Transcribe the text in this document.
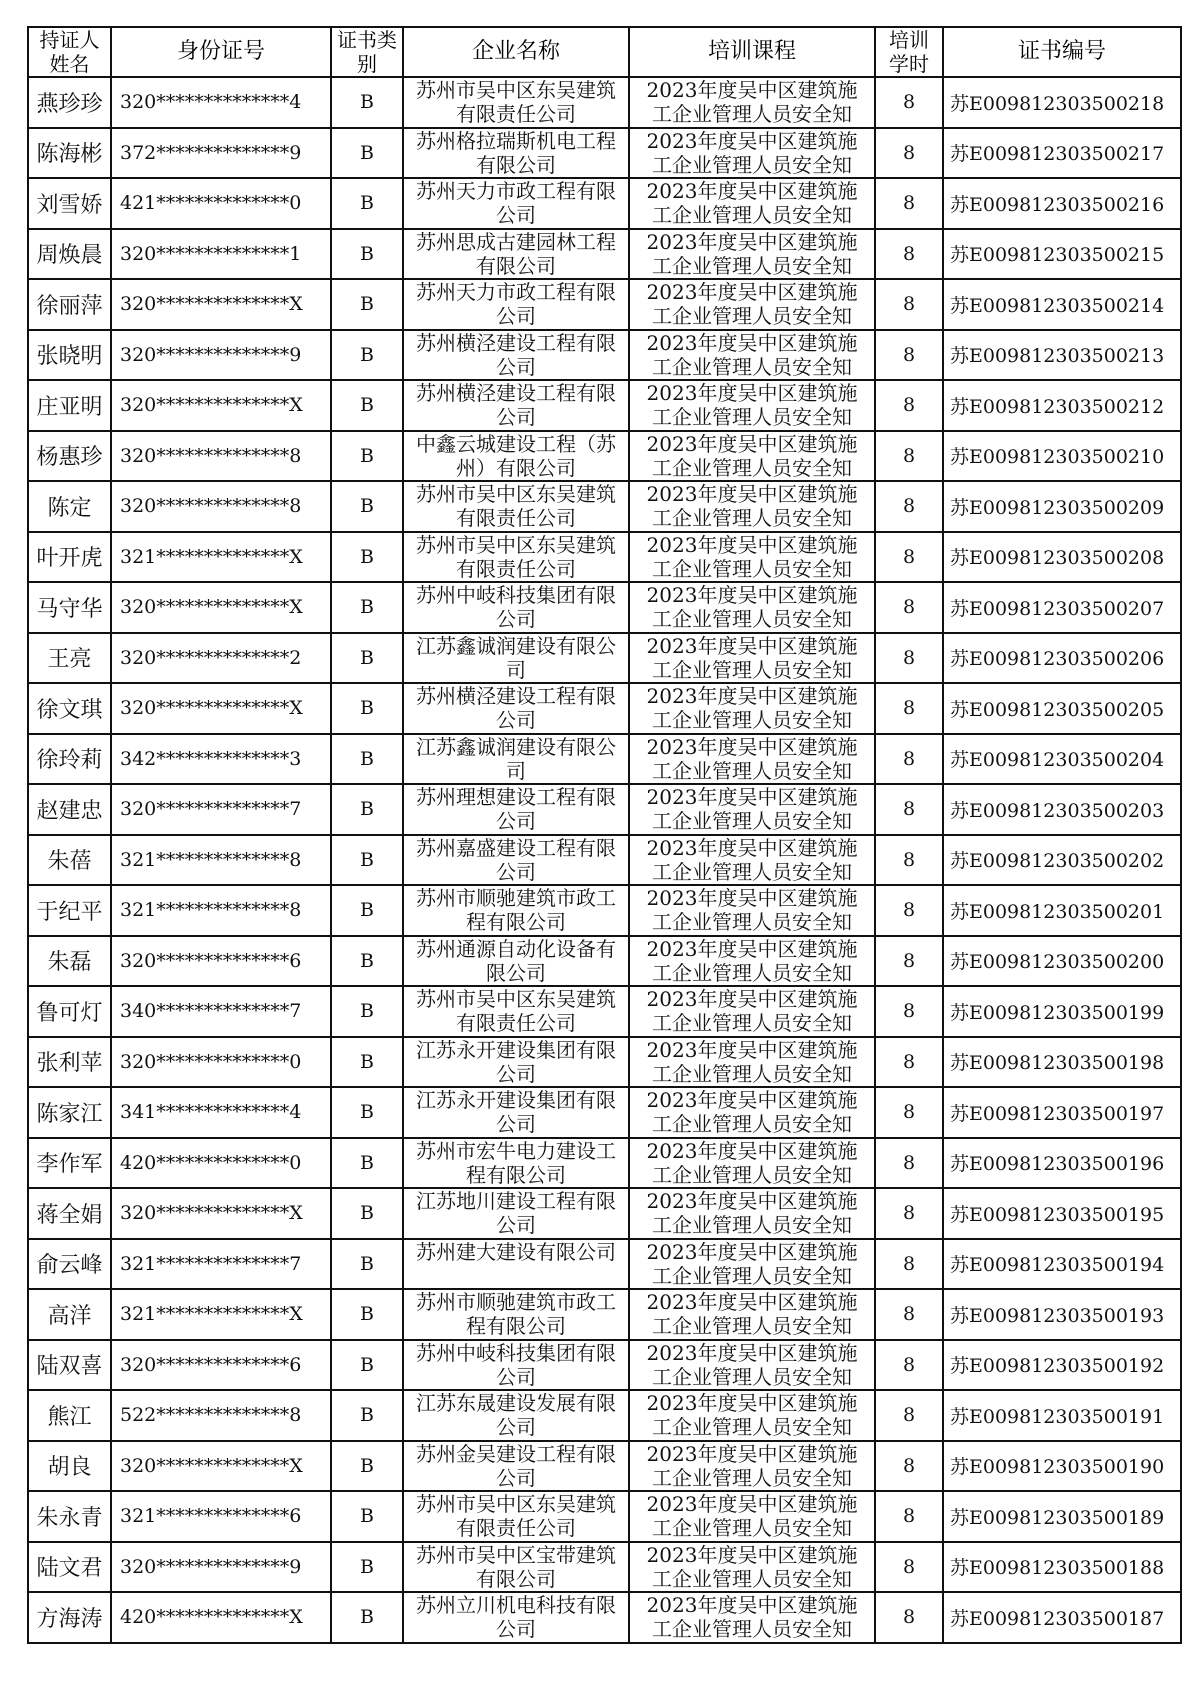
持证人姓名	身份证号	证书类别	企业名称	培训课程	培训学时	证书编号
燕珍珍	320**************4	B	苏州市吴中区东吴建筑有限责任公司	2023年度吴中区建筑施工企业管理人员安全知	8	苏E009812303500218
陈海彬	372**************9	B	苏州格拉瑞斯机电工程有限公司	2023年度吴中区建筑施工企业管理人员安全知	8	苏E009812303500217
刘雪娇	421**************0	B	苏州天力市政工程有限公司	2023年度吴中区建筑施工企业管理人员安全知	8	苏E009812303500216
周焕晨	320**************1	B	苏州思成古建园林工程有限公司	2023年度吴中区建筑施工企业管理人员安全知	8	苏E009812303500215
徐丽萍	320**************X	B	苏州天力市政工程有限公司	2023年度吴中区建筑施工企业管理人员安全知	8	苏E009812303500214
张晓明	320**************9	B	苏州横泾建设工程有限公司	2023年度吴中区建筑施工企业管理人员安全知	8	苏E009812303500213
庄亚明	320**************X	B	苏州横泾建设工程有限公司	2023年度吴中区建筑施工企业管理人员安全知	8	苏E009812303500212
杨惠珍	320**************8	B	中鑫云城建设工程（苏州）有限公司	2023年度吴中区建筑施工企业管理人员安全知	8	苏E009812303500210
陈定	320**************8	B	苏州市吴中区东吴建筑有限责任公司	2023年度吴中区建筑施工企业管理人员安全知	8	苏E009812303500209
叶开虎	321**************X	B	苏州市吴中区东吴建筑有限责任公司	2023年度吴中区建筑施工企业管理人员安全知	8	苏E009812303500208
马守华	320**************X	B	苏州中岐科技集团有限公司	2023年度吴中区建筑施工企业管理人员安全知	8	苏E009812303500207
王亮	320**************2	B	江苏鑫诚润建设有限公司	2023年度吴中区建筑施工企业管理人员安全知	8	苏E009812303500206
徐文琪	320**************X	B	苏州横泾建设工程有限公司	2023年度吴中区建筑施工企业管理人员安全知	8	苏E009812303500205
徐玲莉	342**************3	B	江苏鑫诚润建设有限公司	2023年度吴中区建筑施工企业管理人员安全知	8	苏E009812303500204
赵建忠	320**************7	B	苏州理想建设工程有限公司	2023年度吴中区建筑施工企业管理人员安全知	8	苏E009812303500203
朱蓓	321**************8	B	苏州嘉盛建设工程有限公司	2023年度吴中区建筑施工企业管理人员安全知	8	苏E009812303500202
于纪平	321**************8	B	苏州市顺驰建筑市政工程有限公司	2023年度吴中区建筑施工企业管理人员安全知	8	苏E009812303500201
朱磊	320**************6	B	苏州通源自动化设备有限公司	2023年度吴中区建筑施工企业管理人员安全知	8	苏E009812303500200
鲁可灯	340**************7	B	苏州市吴中区东吴建筑有限责任公司	2023年度吴中区建筑施工企业管理人员安全知	8	苏E009812303500199
张利苹	320**************0	B	江苏永开建设集团有限公司	2023年度吴中区建筑施工企业管理人员安全知	8	苏E009812303500198
陈家江	341**************4	B	江苏永开建设集团有限公司	2023年度吴中区建筑施工企业管理人员安全知	8	苏E009812303500197
李作军	420**************0	B	苏州市宏牛电力建设工程有限公司	2023年度吴中区建筑施工企业管理人员安全知	8	苏E009812303500196
蒋全娟	320**************X	B	江苏地川建设工程有限公司	2023年度吴中区建筑施工企业管理人员安全知	8	苏E009812303500195
俞云峰	321**************7	B	苏州建大建设有限公司	2023年度吴中区建筑施工企业管理人员安全知	8	苏E009812303500194
高洋	321**************X	B	苏州市顺驰建筑市政工程有限公司	2023年度吴中区建筑施工企业管理人员安全知	8	苏E009812303500193
陆双喜	320**************6	B	苏州中岐科技集团有限公司	2023年度吴中区建筑施工企业管理人员安全知	8	苏E009812303500192
熊江	522**************8	B	江苏东晟建设发展有限公司	2023年度吴中区建筑施工企业管理人员安全知	8	苏E009812303500191
胡良	320**************X	B	苏州金吴建设工程有限公司	2023年度吴中区建筑施工企业管理人员安全知	8	苏E009812303500190
朱永青	321**************6	B	苏州市吴中区东吴建筑有限责任公司	2023年度吴中区建筑施工企业管理人员安全知	8	苏E009812303500189
陆文君	320**************9	B	苏州市吴中区宝带建筑有限公司	2023年度吴中区建筑施工企业管理人员安全知	8	苏E009812303500188
方海涛	420**************X	B	苏州立川机电科技有限公司	2023年度吴中区建筑施工企业管理人员安全知	8	苏E009812303500187
